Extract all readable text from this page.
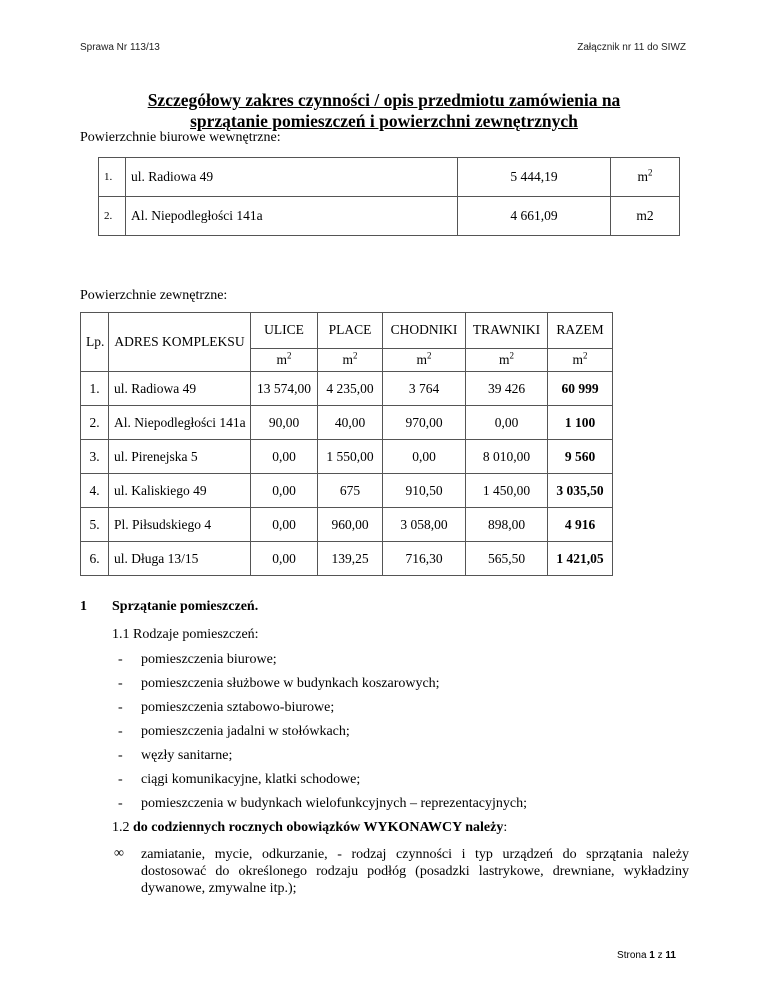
Sprawa Nr 113/13	Załącznik nr 11 do SIWZ
Szczegółowy zakres czynności / opis przedmiotu zamówienia na
sprzątanie pomieszczeń i powierzchni zewnętrznych
Powierzchnie biurowe wewnętrzne:
1.	ul. Radiowa 49	5 444,19	$m^2$
2.	Al. Niepodległości 141a	4 661,09	m2
Powierzchnie zewnętrzne:
Lp.	ADRES KOMPLEKSU	ULICE	PLACE	CHODNIKI	TRAWNIKI	RAZEM
		$m^2$	$m^2$	$m^2$	$m^2$	$m^2$
1.	ul. Radiowa 49	13 574,00	4 235,00	3 764	39 426	60 999
2.	Al. Niepodległości 141a	90,00	40,00	970,00	0,00	1 100
3.	ul. Pirenejska 5	0,00	1 550,00	0,00	8 010,00	9 560
4.	ul. Kaliskiego 49	0,00	675	910,50	1 450,00	3 035,50
5.	Pl. Piłsudskiego 4	0,00	960,00	3 058,00	898,00	4 916
6.	ul. Długa 13/15	0,00	139,25	716,30	565,50	1 421,05
1 Sprzątanie pomieszczeń.
1.1 Rodzaje pomieszczeń:
- pomieszczenia biurowe;
- pomieszczenia służbowe w budynkach koszarowych;
- pomieszczenia sztabowo-biurowe;
- pomieszczenia jadalni w stołówkach;
- węzły sanitarne;
- ciągi komunikacyjne, klatki schodowe;
- pomieszczenia w budynkach wielofunkcyjnych – reprezentacyjnych;
1.2 do codziennych rocznych obowiązków WYKONAWCY należy:
∞ zamiatanie, mycie, odkurzanie, - rodzaj czynności i typ urządzeń do sprzątania należy dostosować do określonego rodzaju podłóg (posadzki lastrykowe, drewniane, wykładziny dywanowe, zmywalne itp.);
Strona 1 z 11
